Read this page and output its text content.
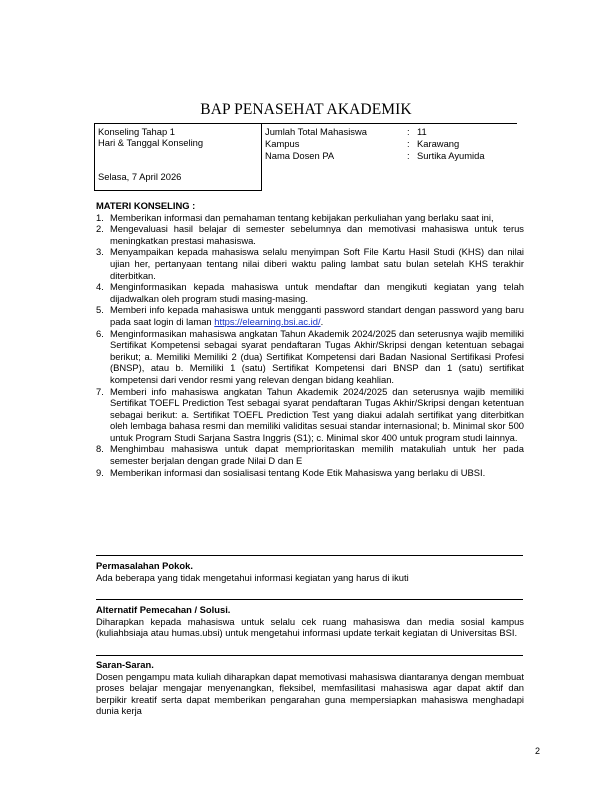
BAP PENASEHAT AKADEMIK
Konseling Tahap 1
Hari & Tanggal Konseling
Selasa, 7 April 2026

Jumlah Total Mahasiswa	: 11
Kampus	: Karawang
Nama Dosen PA	: Surtika Ayumida
MATERI KONSELING :
1. Memberikan informasi dan pemahaman tentang kebijakan perkuliahan yang berlaku saat ini,
2. Mengevaluasi hasil belajar di semester sebelumnya dan memotivasi mahasiswa untuk terus meningkatkan prestasi mahasiswa.
3. Menyampaikan kepada mahasiswa selalu menyimpan Soft File Kartu Hasil Studi (KHS) dan nilai ujian her, pertanyaan tentang nilai diberi waktu paling lambat satu bulan setelah KHS terakhir diterbitkan.
4. Menginformasikan kepada mahasiswa untuk mendaftar dan mengikuti kegiatan yang telah dijadwalkan oleh program studi masing-masing.
5. Memberi info kepada mahasiswa untuk mengganti password standart dengan password yang baru pada saat login di laman https://elearning.bsi.ac.id/.
6. Menginformasikan mahasiswa angkatan Tahun Akademik 2024/2025 dan seterusnya wajib memiliki Sertifikat Kompetensi sebagai syarat pendaftaran Tugas Akhir/Skripsi dengan ketentuan sebagai berikut; a. Memiliki Memiliki 2 (dua) Sertifikat Kompetensi dari Badan Nasional Sertifikasi Profesi (BNSP), atau b. Memiliki 1 (satu) Sertifikat Kompetensi dari BNSP dan 1 (satu) sertifikat kompetensi dari vendor resmi yang relevan dengan bidang keahlian.
7. Memberi info mahasiswa angkatan Tahun Akademik 2024/2025 dan seterusnya wajib memiliki Sertifikat TOEFL Prediction Test sebagai syarat pendaftaran Tugas Akhir/Skripsi dengan ketentuan sebagai berikut: a. Sertifikat TOEFL Prediction Test yang diakui adalah sertifikat yang diterbitkan oleh lembaga bahasa resmi dan memiliki validitas sesuai standar internasional; b. Minimal skor 500 untuk Program Studi Sarjana Sastra Inggris (S1); c. Minimal skor 400 untuk program studi lainnya.
8. Menghimbau mahasiswa untuk dapat memprioritaskan memilih matakuliah untuk her pada semester berjalan dengan grade Nilai D dan E
9. Memberikan informasi dan sosialisasi tentang Kode Etik Mahasiswa yang berlaku di UBSI.
Permasalahan Pokok.
Ada beberapa yang tidak mengetahui informasi kegiatan yang harus di ikuti
Alternatif Pemecahan / Solusi.
Diharapkan kepada mahasiswa untuk selalu cek ruang mahasiswa dan media sosial kampus (kuliahbsiaja atau humas.ubsi) untuk mengetahui informasi update terkait kegiatan di Universitas BSI.
Saran-Saran.
Dosen pengampu mata kuliah diharapkan dapat memotivasi mahasiswa diantaranya dengan membuat proses belajar mengajar menyenangkan, fleksibel, memfasilitasi mahasiswa agar dapat aktif dan berpikir kreatif serta dapat memberikan pengarahan guna mempersiapkan mahasiswa menghadapi dunia kerja
2
